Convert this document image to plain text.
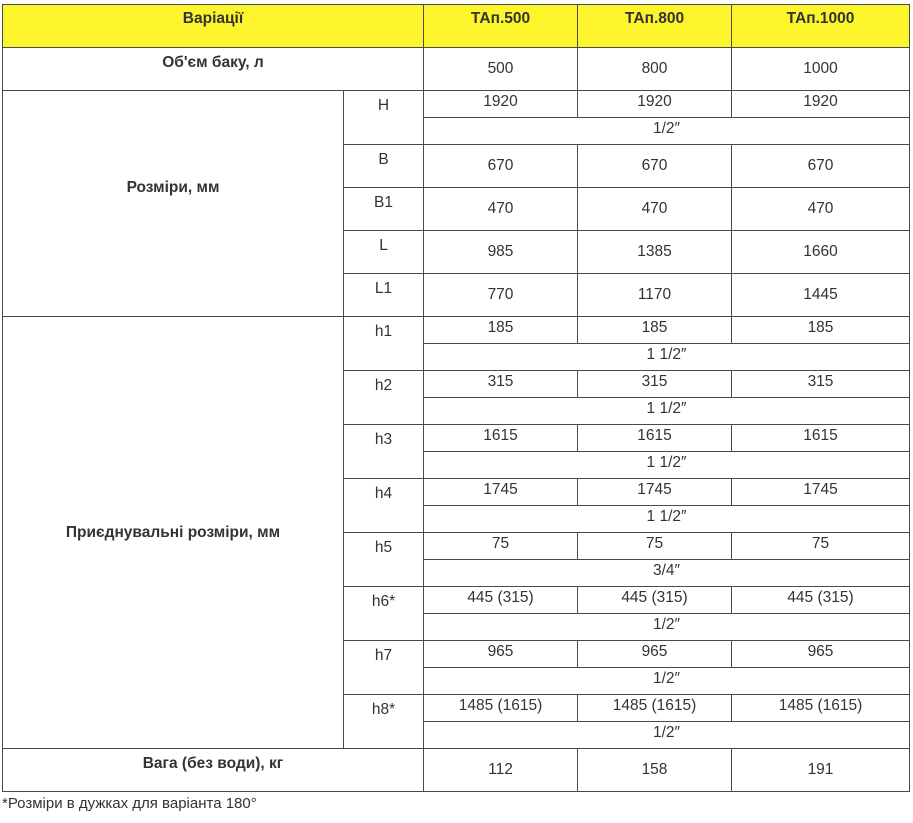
Варіації		ТАп.500	ТАп.800	ТАп.1000
Об'єм баку, л		500	800	1000

Розміри, мм	H	1920	1920	1920
		1/2″		
	B	670	670	670
	B1	470	470	470
	L	985	1385	1660
	L1	770	1170	1445
Приєднувальні розміри, мм	h1	185	185	185
		1 1/2″		
	h2	315	315	315
		1 1/2″		
	h3	1615	1615	1615
		1 1/2″		
	h4	1745	1745	1745
		1 1/2″		
	h5	75	75	75
		3/4″		
	h6*	445 (315)	445 (315)	445 (315)
		1/2″		
	h7	965	965	965
		1/2″		
	h8*	1485 (1615)	1485 (1615)	1485 (1615)
		1/2″		
Вага (без води), кг		112	158	191
*Розміри в дужках для варіанта 180°
